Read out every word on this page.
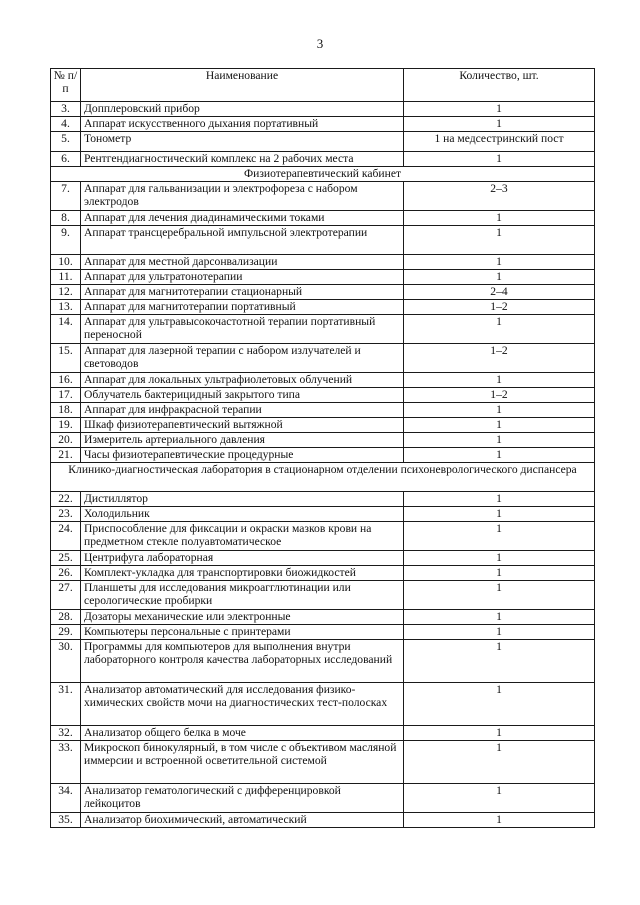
3
№ п/п	Наименование	Количество, шт.
3.	Допплеровский прибор	1
4.	Аппарат искусственного дыхания портативный	1
5.	Тонометр	1 на медсестринский пост
6.	Рентгендиагностический комплекс на 2 рабочих места	1
Физиотерапевтический кабинет		
7.	Аппарат для гальванизации и электрофореза с набором электродов	2–3
8.	Аппарат для лечения диадинамическими токами	1
9.	Аппарат трансцеребральной импульсной электротерапии	1
10.	Аппарат для местной дарсонвализации	1
11.	Аппарат для ультратонотерапии	1
12.	Аппарат для магнитотерапии стационарный	2–4
13.	Аппарат для магнитотерапии портативный	1–2
14.	Аппарат для ультравысокочастотной терапии портативный переносной	1
15.	Аппарат для лазерной терапии с набором излучателей и световодов	1–2
16.	Аппарат для локальных ультрафиолетовых облучений	1
17.	Облучатель бактерицидный закрытого типа	1–2
18.	Аппарат для инфракрасной терапии	1
19.	Шкаф физиотерапевтический вытяжной	1
20.	Измеритель артериального давления	1
21.	Часы физиотерапевтические процедурные	1
Клинико-диагностическая лаборатория в стационарном отделении психоневрологического диспансера		
22.	Дистиллятор	1
23.	Холодильник	1
24.	Приспособление для фиксации и окраски мазков крови на предметном стекле полуавтоматическое	1
25.	Центрифуга лабораторная	1
26.	Комплект-укладка для транспортировки биожидкостей	1
27.	Планшеты для исследования микроагглютинации или серологические пробирки	1
28.	Дозаторы механические или электронные	1
29.	Компьютеры персональные с принтерами	1
30.	Программы для компьютеров для выполнения внутри лабораторного контроля качества лабораторных исследований	1
31.	Анализатор автоматический для исследования физико-химических свойств мочи на диагностических тест-полосках	1
32.	Анализатор общего белка в моче	1
33.	Микроскоп бинокулярный, в том числе с объективом масляной иммерсии и встроенной осветительной системой	1
34.	Анализатор гематологический с дифференцировкой лейкоцитов	1
35.	Анализатор биохимический, автоматический	1
